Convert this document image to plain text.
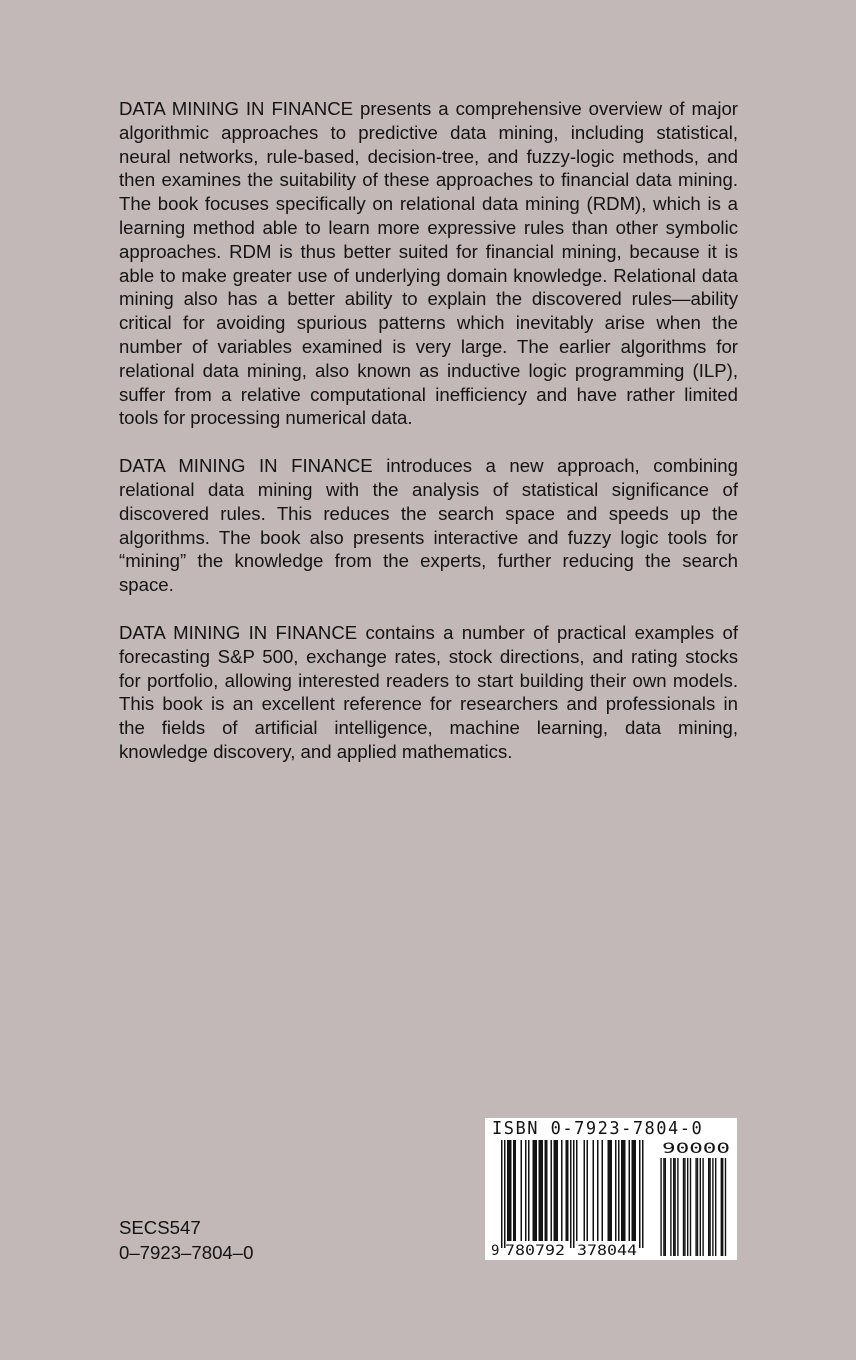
DATA MINING IN FINANCE presents a comprehensive overview of major algorithmic approaches to predictive data mining, including statistical, neural networks, rule-based, decision-tree, and fuzzy-logic methods, and then examines the suitability of these approaches to financial data mining. The book focuses specifically on relational data mining (RDM), which is a learning method able to learn more expressive rules than other symbolic approaches. RDM is thus better suited for financial mining, because it is able to make greater use of underlying domain knowledge. Relational data mining also has a better ability to explain the discovered rules—ability critical for avoiding spurious patterns which inevitably arise when the number of variables examined is very large. The earlier algorithms for relational data mining, also known as inductive logic programming (ILP), suffer from a relative computational inefficiency and have rather limited tools for processing numerical data.

DATA MINING IN FINANCE introduces a new approach, combining relational data mining with the analysis of statistical significance of discovered rules. This reduces the search space and speeds up the algorithms. The book also presents interactive and fuzzy logic tools for “mining” the knowledge from the experts, further reducing the search space.

DATA MINING IN FINANCE contains a number of practical examples of forecasting S&P 500, exchange rates, stock directions, and rating stocks for portfolio, allowing interested readers to start building their own models. This book is an excellent reference for researchers and professionals in the fields of artificial intelligence, machine learning, data mining, knowledge discovery, and applied mathematics.

SECS547
0–7923–7804–0
ISBN 0-7923-7804-0
9 780792 378044
90000
